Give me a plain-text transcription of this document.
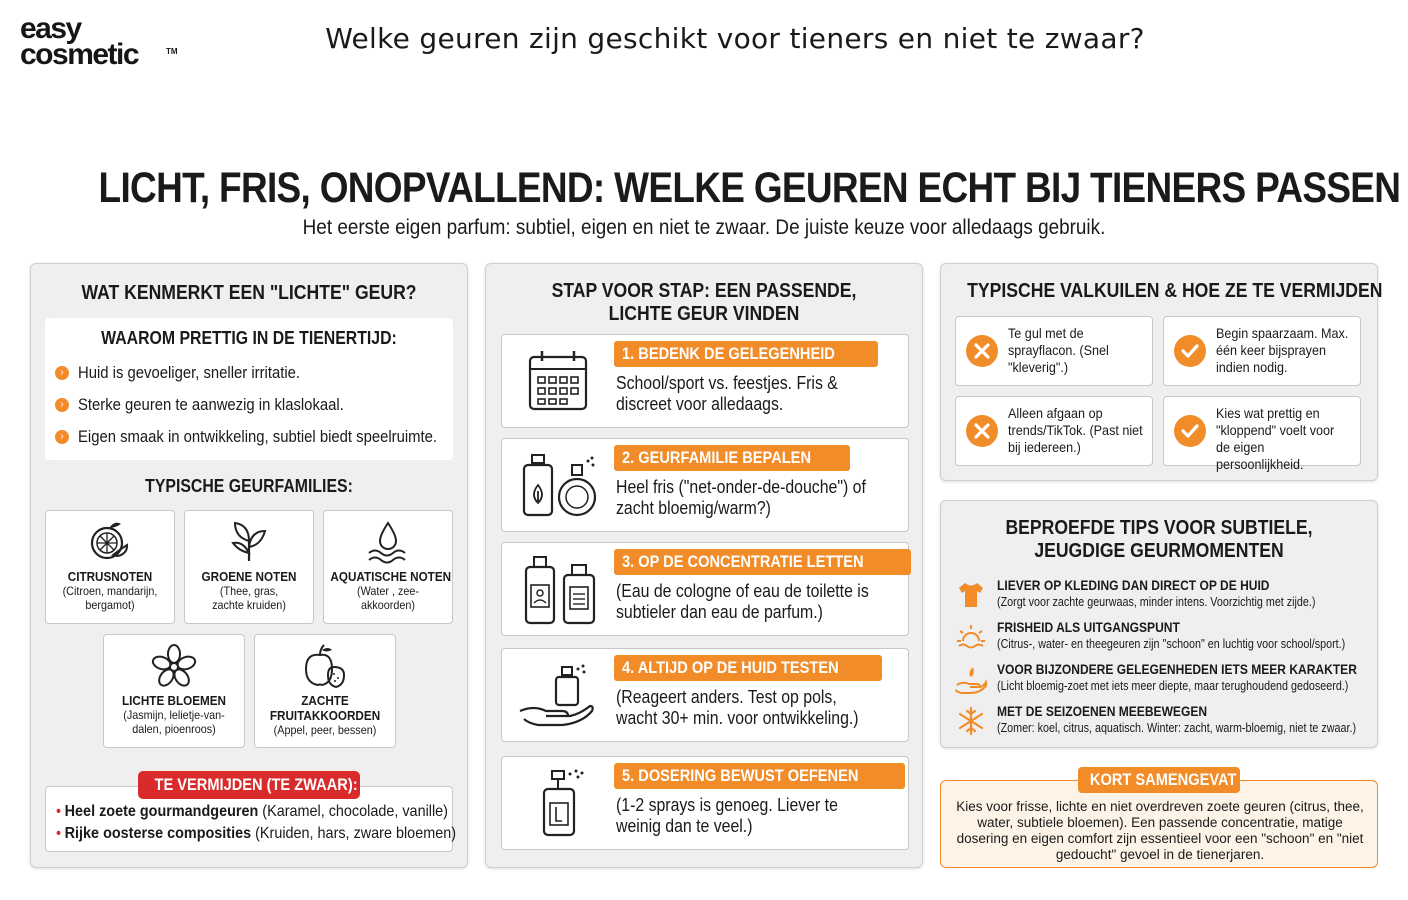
easy
cosmetic	TM	Welke geuren zijn geschikt voor tieners en niet te zwaar?
LICHT, FRIS, ONOPVALLEND: WELKE GEUREN ECHT BIJ TIENERS PASSEN
Het eerste eigen parfum: subtiel, eigen en niet te zwaar. De juiste keuze voor alledaags gebruik.
WAT KENMERKT EEN "LICHTE" GEUR?
WAAROM PRETTIG IN DE TIENERTIJD:
› Huid is gevoeliger, sneller irritatie.
› Sterke geuren te aanwezig in klaslokaal.
› Eigen smaak in ontwikkeling, subtiel biedt speelruimte.
TYPISCHE GEURFAMILIES:
CITRUSNOTEN
(Citroen, mandarijn,
bergamot)
GROENE NOTEN
(Thee, gras,
zachte kruiden)
AQUATISCHE NOTEN
(Water , zee-
akkoorden)
LICHTE BLOEMEN
(Jasmijn, lelietje-van-
dalen, pioenroos)
ZACHTE
FRUITAKKOORDEN
(Appel, peer, bessen)
• Heel zoete gourmandgeuren (Karamel, chocolade, vanille)
• Rijke oosterse composities (Kruiden, hars, zware bloemen)
TE VERMIJDEN (TE ZWAAR):
STAP VOOR STAP: EEN PASSENDE,
LICHTE GEUR VINDEN
1. BEDENK DE GELEGENHEID
School/sport vs. feestjes. Fris & discreet voor alledaags.
2. GEURFAMILIE BEPALEN
Heel fris ("net-onder-de-douche") of zacht bloemig/warm?)
3. OP DE CONCENTRATIE LETTEN
(Eau de cologne of eau de toilette is subtieler dan eau de parfum.)
4. ALTIJD OP DE HUID TESTEN
(Reageert anders. Test op pols, wacht 30+ min. voor ontwikkeling.)
5. DOSERING BEWUST OEFENEN
(1-2 sprays is genoeg. Liever te weinig dan te veel.)
TYPISCHE VALKUILEN & HOE ZE TE VERMIJDEN
Te gul met de sprayflacon. (Snel "kleverig".)
Begin spaarzaam. Max. één keer bijsprayen indien nodig.
Alleen afgaan op trends/TikTok. (Past niet bij iedereen.)
Kies wat prettig en "kloppend" voelt voor de eigen persoonlijkheid.
BEPROEFDE TIPS VOOR SUBTIELE,
JEUGDIGE GEURMOMENTEN
LIEVER OP KLEDING DAN DIRECT OP DE HUID
(Zorgt voor zachte geurwaas, minder intens. Voorzichtig met zijde.)
FRISHEID ALS UITGANGSPUNT
(Citrus-, water- en theegeuren zijn "schoon" en luchtig voor school/sport.)
VOOR BIJZONDERE GELEGENHEDEN IETS MEER KARAKTER
(Licht bloemig-zoet met iets meer diepte, maar terughoudend gedoseerd.)
MET DE SEIZOENEN MEEBEWEGEN
(Zomer: koel, citrus, aquatisch. Winter: zacht, warm-bloemig, niet te zwaar.)

Kies voor frisse, lichte en niet overdreven zoete geuren (citrus, thee, water, subtiele bloemen). Een passende concentratie, matige dosering en eigen comfort zijn essentieel voor een "schoon" en "niet gedoucht" gevoel in de tienerjaren.

KORT SAMENGEVAT
